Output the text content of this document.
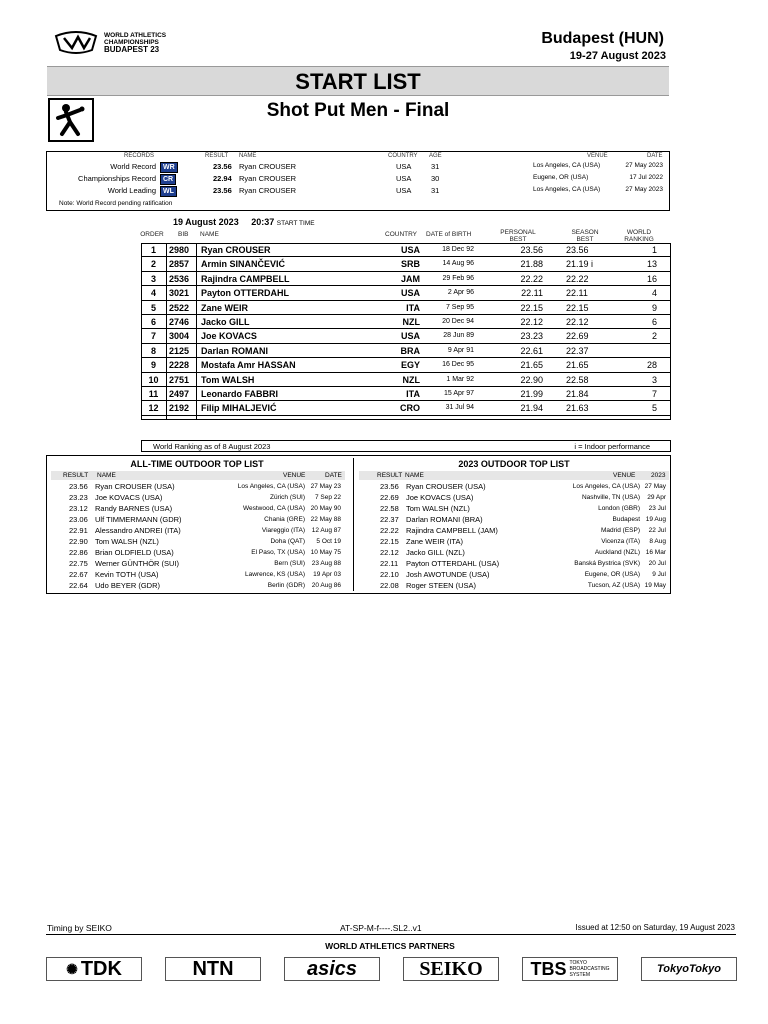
WORLD ATHLETICS
CHAMPIONSHIPS
BUDAPEST 23
Budapest (HUN)
19-27 August 2023
START LIST
Shot Put Men - Final
RECORDS	RESULT NAME	COUNTRY AGE	VENUE	DATE
World Record	WR	23.56 Ryan CROUSER	USA	31	Los Angeles, CA (USA)	27 May 2023
Championships Record	CR	22.94 Ryan CROUSER	USA	30	Eugene, OR (USA)	17 Jul 2022
World Leading	WL	23.56 Ryan CROUSER	USA	31	Los Angeles, CA (USA)	27 May 2023
Note: World Record pending ratification
19 August 2023 20:37 START TIME
ORDER BIB NAME	COUNTRY DATE of BIRTH	PERSONAL
BEST
SEASON
BEST
WORLD
RANKING
1	2980 Ryan CROUSER	USA	18 Dec 92	23.56	23.56	1
2	2857 Armin SINANČEVIĆ	SRB	14 Aug 96	21.88	21.19 i	13
3	2536 Rajindra CAMPBELL	JAM	29 Feb 96	22.22	22.22	16
4	3021 Payton OTTERDAHL	USA	2 Apr 96	22.11	22.11	4
5	2522 Zane WEIR	ITA	7 Sep 95	22.15	22.15	9
6	2746 Jacko GILL	NZL	20 Dec 94	22.12	22.12	6
7	3004 Joe KOVACS	USA	28 Jun 89	23.23	22.69	2
8	2125 Darlan ROMANI	BRA	9 Apr 91	22.61	22.37
9	2228 Mostafa Amr HASSAN	EGY	16 Dec 95	21.65	21.65	28
10	2751 Tom WALSH	NZL	1 Mar 92	22.90	22.58	3
11	2497 Leonardo FABBRI	ITA	15 Apr 97	21.99	21.84	7
12	2192 Filip MIHALJEVIĆ	CRO	31 Jul 94	21.94	21.63	5
World Ranking as of 8 August 2023	i = Indoor performance
ALL-TIME OUTDOOR TOP LIST	2023 OUTDOOR TOP LIST
RESULT NAME	VENUE	DATE	RESULT NAME	VENUE 2023
23.56 Ryan CROUSER (USA)	Los Angeles, CA (USA) 27 May 23
23.23 Joe KOVACS (USA)	Zürich (SUI) 7 Sep 22
23.12 Randy BARNES (USA)	Westwood, CA (USA) 20 May 90
23.06 Ulf TIMMERMANN (GDR)	Chania (GRE) 22 May 88
22.91 Alessandro ANDREI (ITA)	Viareggio (ITA) 12 Aug 87
22.90 Tom WALSH (NZL)	Doha (QAT) 5 Oct 19
22.86 Brian OLDFIELD (USA)	El Paso, TX (USA) 10 May 75
22.75 Werner GÜNTHÖR (SUI)	Bern (SUI) 23 Aug 88
22.67 Kevin TOTH (USA)	Lawrence, KS (USA) 19 Apr 03
22.64 Udo BEYER (GDR)	Berlin (GDR) 20 Aug 86
23.56 Ryan CROUSER (USA)	Los Angeles, CA (USA) 27 May
22.69 Joe KOVACS (USA)	Nashville, TN (USA) 29 Apr
22.58 Tom WALSH (NZL)	London (GBR) 23 Jul
22.37 Darlan ROMANI (BRA)	Budapest 19 Aug
22.22 Rajindra CAMPBELL (JAM)	Madrid (ESP) 22 Jul
22.15 Zane WEIR (ITA)	Vicenza (ITA) 8 Aug
22.12 Jacko GILL (NZL)	Auckland (NZL) 16 Mar
22.11 Payton OTTERDAHL (USA)	Banská Bystrica (SVK) 20 Jul
22.10 Josh AWOTUNDE (USA)	Eugene, OR (USA) 9 Jul
22.08 Roger STEEN (USA)	Tucson, AZ (USA) 19 May
Timing by SEIKO	AT-SP-M-f----.SL2..v1	Issued at 12:50 on Saturday, 19 August 2023
WORLD ATHLETICS PARTNERS
✺ TDK	NTN	asics	SEIKO	TBS TOKYO
BROADCASTING
SYSTEM	TokyoTokyo
